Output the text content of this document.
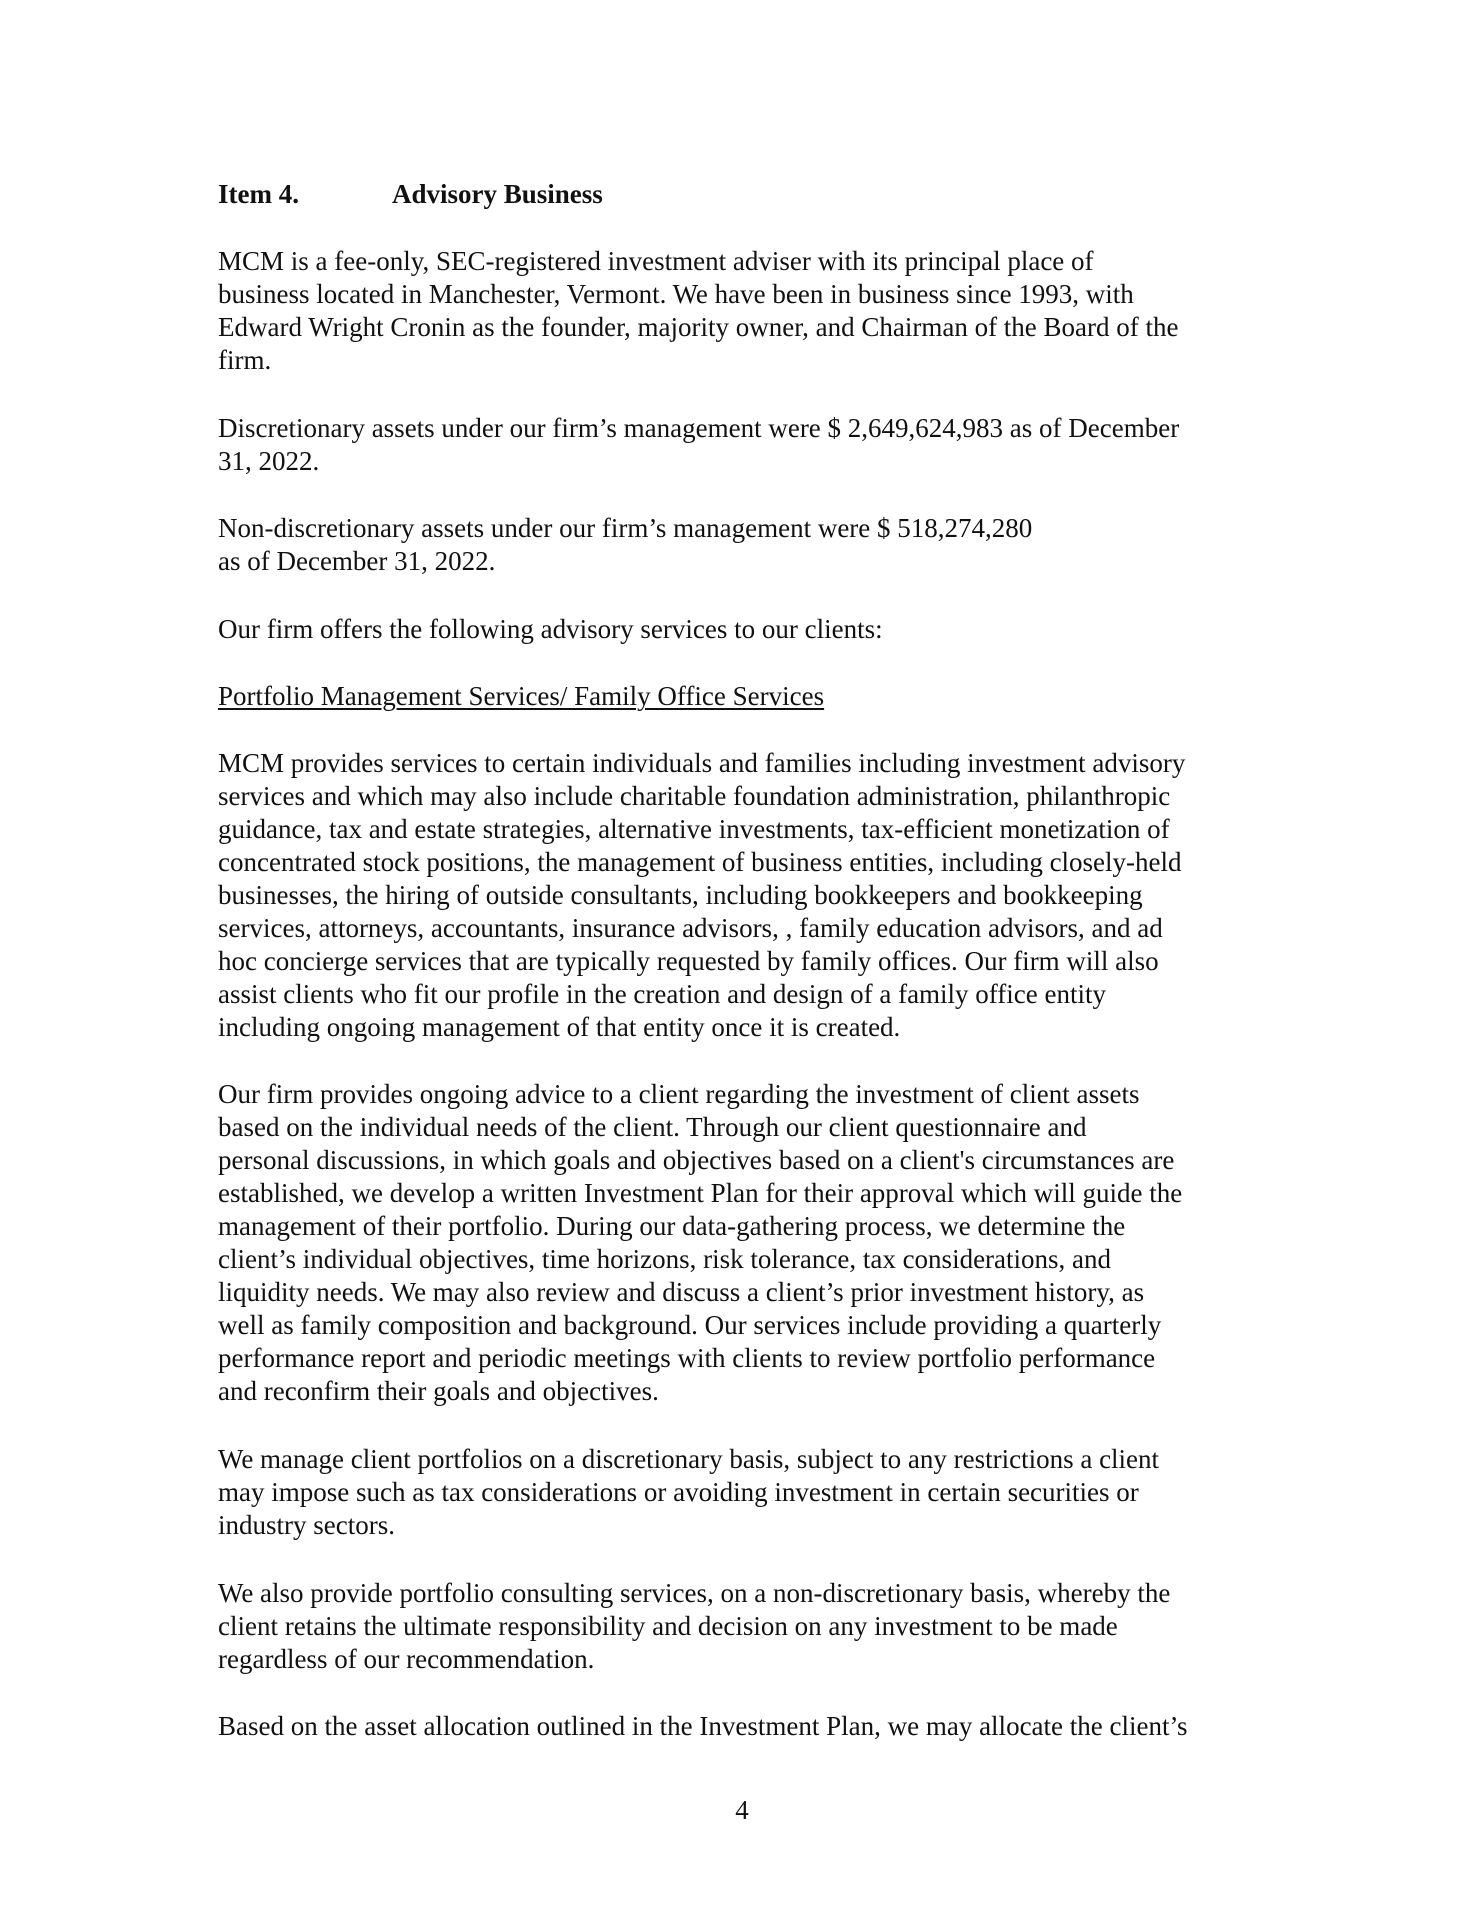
Item 4.	Advisory Business
MCM is a fee-only, SEC-registered investment adviser with its principal place of
business located in Manchester, Vermont. We have been in business since 1993, with
Edward Wright Cronin as the founder, majority owner, and Chairman of the Board of the
firm.
Discretionary assets under our firm’s management were $ 2,649,624,983 as of December
31, 2022.
Non-discretionary assets under our firm’s management were $ 518,274,280
as of December 31, 2022.
Our firm offers the following advisory services to our clients:
Portfolio Management Services/ Family Office Services
MCM provides services to certain individuals and families including investment advisory
services and which may also include charitable foundation administration, philanthropic
guidance, tax and estate strategies, alternative investments, tax-efficient monetization of
concentrated stock positions, the management of business entities, including closely-held
businesses, the hiring of outside consultants, including bookkeepers and bookkeeping
services, attorneys, accountants, insurance advisors, , family education advisors, and ad
hoc concierge services that are typically requested by family offices. Our firm will also
assist clients who fit our profile in the creation and design of a family office entity
including ongoing management of that entity once it is created.
Our firm provides ongoing advice to a client regarding the investment of client assets
based on the individual needs of the client. Through our client questionnaire and
personal discussions, in which goals and objectives based on a client's circumstances are
established, we develop a written Investment Plan for their approval which will guide the
management of their portfolio. During our data-gathering process, we determine the
client’s individual objectives, time horizons, risk tolerance, tax considerations, and
liquidity needs. We may also review and discuss a client’s prior investment history, as
well as family composition and background. Our services include providing a quarterly
performance report and periodic meetings with clients to review portfolio performance
and reconfirm their goals and objectives.
We manage client portfolios on a discretionary basis, subject to any restrictions a client
may impose such as tax considerations or avoiding investment in certain securities or
industry sectors.
We also provide portfolio consulting services, on a non-discretionary basis, whereby the
client retains the ultimate responsibility and decision on any investment to be made
regardless of our recommendation.
Based on the asset allocation outlined in the Investment Plan, we may allocate the client’s
4
